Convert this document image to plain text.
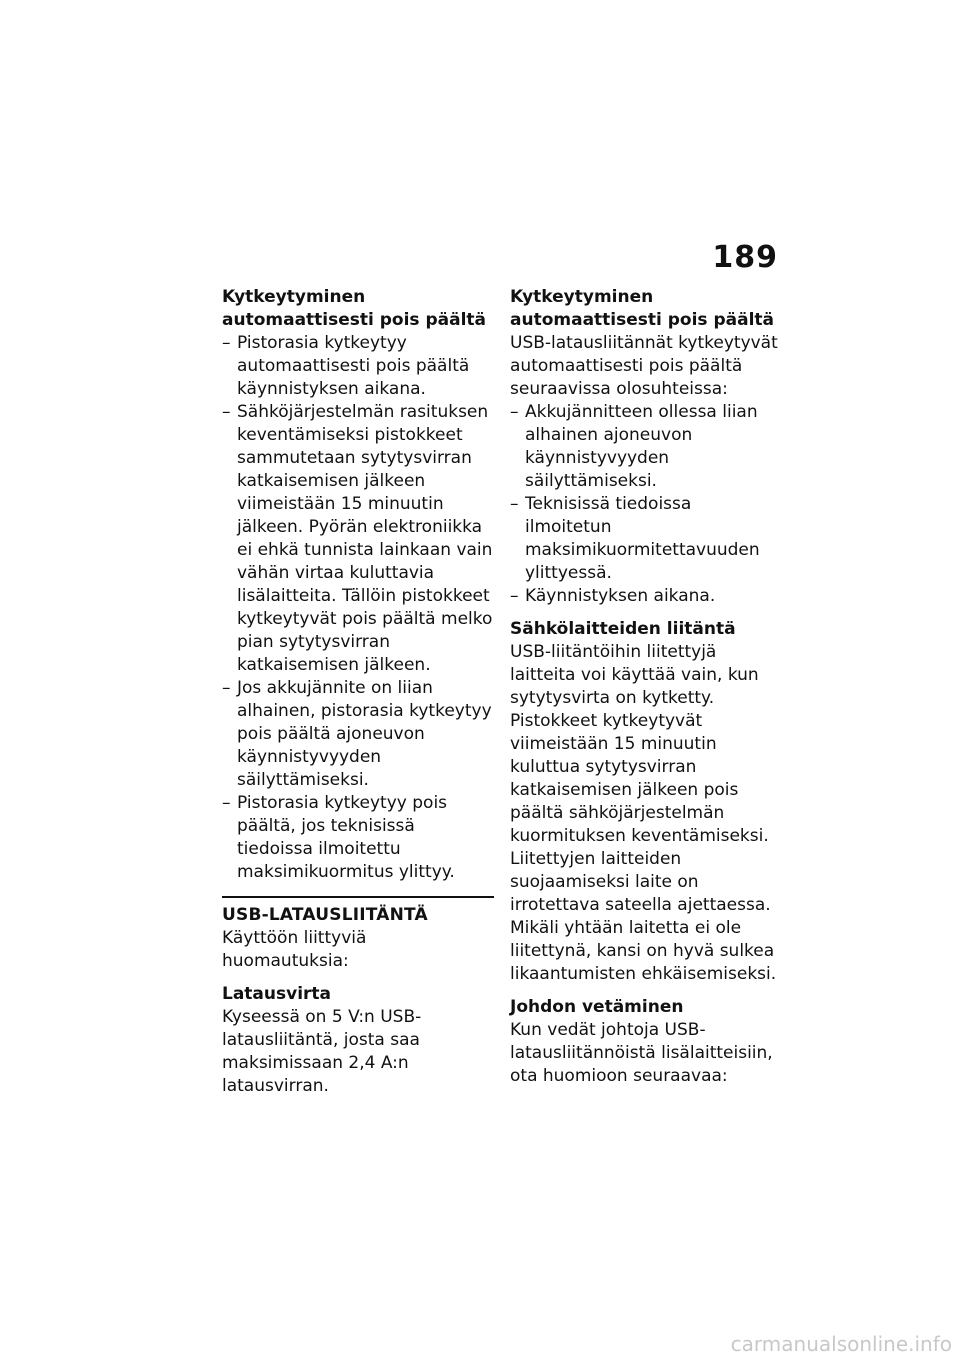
189

Kytkeytyminen automaattisesti pois päältä

– Pistorasia kytkeytyy automaattisesti pois päältä käynnistyksen aikana.
– Sähköjärjestelmän rasituksen keventämiseksi pistokkeet sammutetaan sytytysvirran katkaisemisen jälkeen viimeistään 15 minuutin jälkeen. Pyörän elektroniikka ei ehkä tunnista lainkaan vain vähän virtaa kuluttavia lisälaitteita. Tällöin pistokkeet kytkeytyvät pois päältä melko pian sytytysvirran katkaisemisen jälkeen.
– Jos akkujännite on liian alhainen, pistorasia kytkeytyy pois päältä ajoneuvon käynnistyvyyden säilyttämiseksi.
– Pistorasia kytkeytyy pois päältä, jos teknisissä tiedoissa ilmoitettu maksimikuormitus ylittyy.

USB-LATAUSLIITÄNTÄ

Käyttöön liittyviä huomautuksia:

Latausvirta

Kyseessä on 5 V:n USB-latausliitäntä, josta saa maksimissaan 2,4 A:n latausvirran.

Kytkeytyminen automaattisesti pois päältä

USB-latausliitännät kytkeytyvät automaattisesti pois päältä seuraavissa olosuhteissa:

– Akkujännitteen ollessa liian alhainen ajoneuvon käynnistyvyyden säilyttämiseksi.
– Teknisissä tiedoissa ilmoitetun maksimikuormitettavuuden ylittyessä.
– Käynnistyksen aikana.

Sähkölaitteiden liitäntä

USB-liitäntöihin liitettyjä laitteita voi käyttää vain, kun sytytysvirta on kytketty. Pistokkeet kytkeytyvät viimeistään 15 minuutin kuluttua sytytysvirran katkaisemisen jälkeen pois päältä sähköjärjestelmän kuormituksen keventämiseksi.

Liitettyjen laitteiden suojaamiseksi laite on irrotettava sateella ajettaessa.

Mikäli yhtään laitetta ei ole liitettynä, kansi on hyvä sulkea likaantumisten ehkäisemiseksi.

Johdon vetäminen

Kun vedät johtoja USB-latausliitännöistä lisälaitteisiin, ota huomioon seuraavaa:

carmanualsonline.info
